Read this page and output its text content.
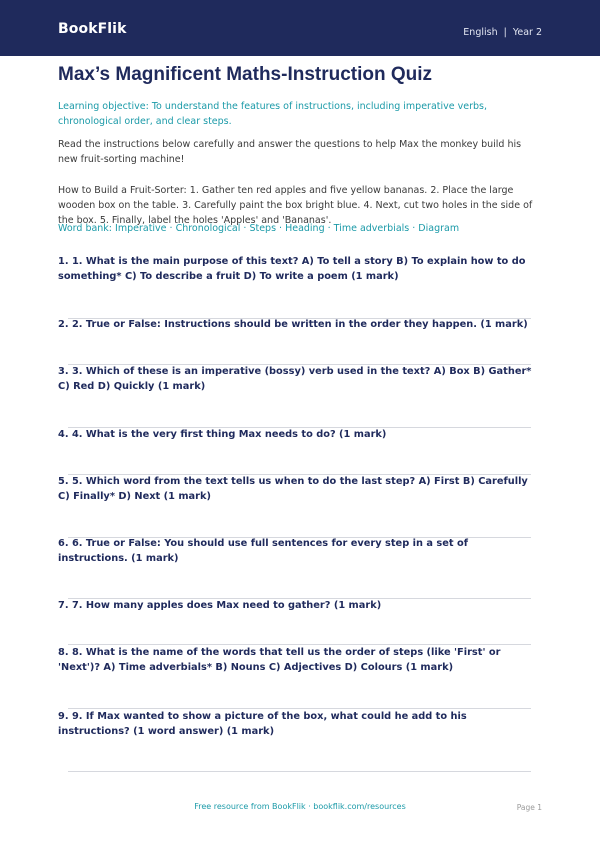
BookFlik	English | Year 2
Max’s Magnificent Maths-Instruction Quiz

Learning objective: To understand the features of instructions, including imperative verbs, chronological order, and clear steps.

Read the instructions below carefully and answer the questions to help Max the monkey build his new fruit-sorting machine!

How to Build a Fruit-Sorter: 1. Gather ten red apples and five yellow bananas. 2. Place the large wooden box on the table. 3. Carefully paint the box bright blue. 4. Next, cut two holes in the side of the box. 5. Finally, label the holes 'Apples' and 'Bananas'.

Word bank: Imperative · Chronological · Steps · Heading · Time adverbials · Diagram

1. 1. What is the main purpose of this text? A) To tell a story B) To explain how to do something* C) To describe a fruit D) To write a poem (1 mark)

2. 2. True or False: Instructions should be written in the order they happen. (1 mark)

3. 3. Which of these is an imperative (bossy) verb used in the text? A) Box B) Gather* C) Red D) Quickly (1 mark)

4. 4. What is the very first thing Max needs to do? (1 mark)

5. 5. Which word from the text tells us when to do the last step? A) First B) Carefully C) Finally* D) Next (1 mark)

6. 6. True or False: You should use full sentences for every step in a set of instructions. (1 mark)

7. 7. How many apples does Max need to gather? (1 mark)

8. 8. What is the name of the words that tell us the order of steps (like 'First' or 'Next')? A) Time adverbials* B) Nouns C) Adjectives D) Colours (1 mark)

9. 9. If Max wanted to show a picture of the box, what could he add to his instructions? (1 word answer) (1 mark)

Free resource from BookFlik · bookflik.com/resources	Page 1
